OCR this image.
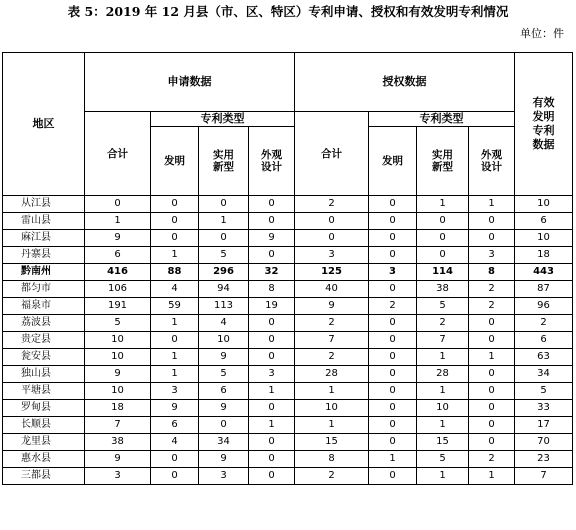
表 5：2019 年 12 月县（市、区、特区）专利申请、授权和有效发明专利情况
单位：件
地区	申请数据				授权数据				有效发明专利数据

	合计	专利类型			合计	专利类型			
		发明	实用新型	外观设计		发明	实用新型	外观设计	

从江县	0	0	0	0	2	0	1	1	10
雷山县	1	0	1	0	0	0	0	0	6
麻江县	9	0	0	9	0	0	0	0	10
丹寨县	6	1	5	0	3	0	0	3	18
黔南州	416	88	296	32	125	3	114	8	443
都匀市	106	4	94	8	40	0	38	2	87
福泉市	191	59	113	19	9	2	5	2	96
荔波县	5	1	4	0	2	0	2	0	2
贵定县	10	0	10	0	7	0	7	0	6
瓮安县	10	1	9	0	2	0	1	1	63
独山县	9	1	5	3	28	0	28	0	34
平塘县	10	3	6	1	1	0	1	0	5
罗甸县	18	9	9	0	10	0	10	0	33
长顺县	7	6	0	1	1	0	1	0	17
龙里县	38	4	34	0	15	0	15	0	70
惠水县	9	0	9	0	8	1	5	2	23
三都县	3	0	3	0	2	0	1	1	7
